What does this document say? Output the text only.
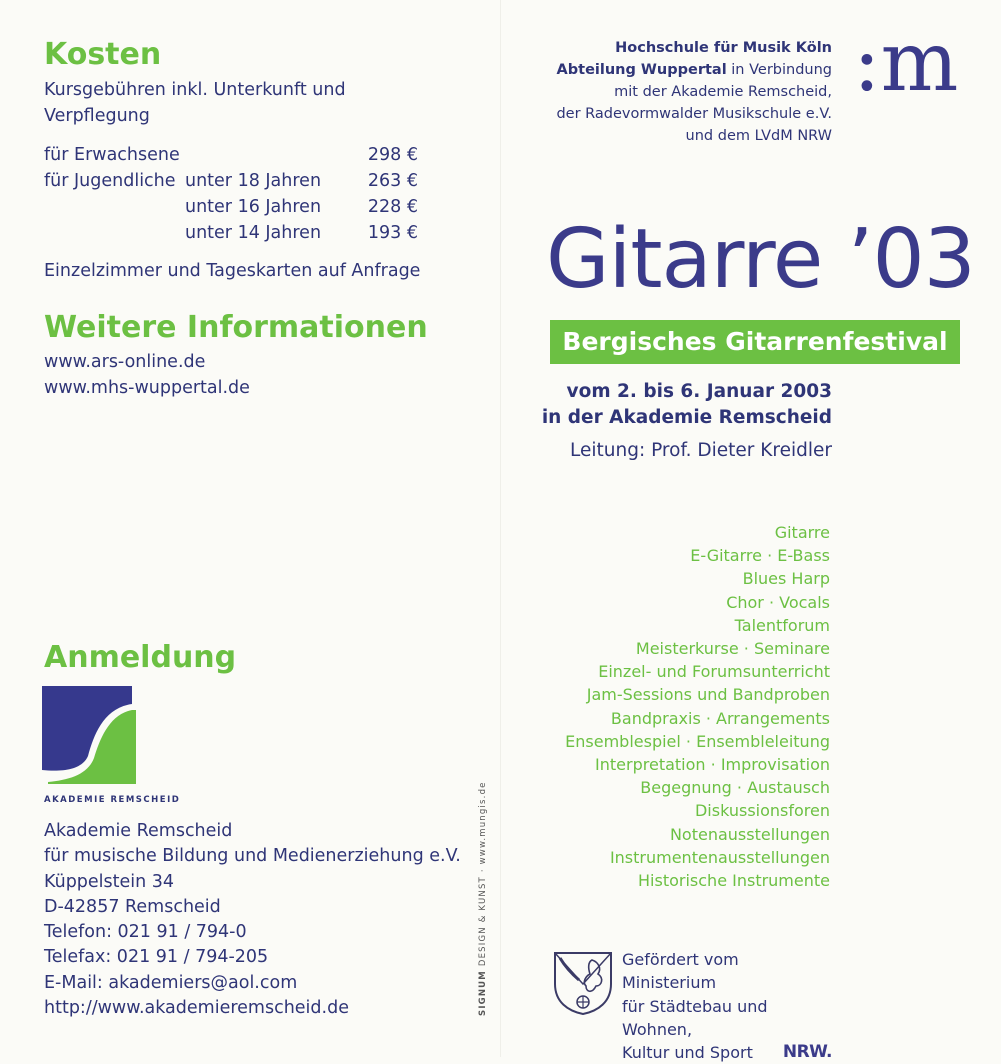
Kosten
Kursgebühren inkl. Unterkunft und
Verpflegung
für Erwachsene	298 €
für Jugendliche unter 18 Jahren	263 €
unter 16 Jahren	228 €
unter 14 Jahren	193 €
Einzelzimmer und Tageskarten auf Anfrage
Weitere Informationen
www.ars-online.de
www.mhs-wuppertal.de
Anmeldung
AKADEMIE REMSCHEID
Akademie Remscheid
für musische Bildung und Medienerziehung e.V.
Küppelstein 34
D-42857 Remscheid
Telefon: 021 91 / 794-0
Telefax: 021 91 / 794-205
E-Mail: akademiers@aol.com
http://www.akademieremscheid.de	SIGNUM DESIGN & KUNST · www.mungis.de
Hochschule für Musik Köln
Abteilung Wuppertal in Verbindung
mit der Akademie Remscheid,
der Radevormwalder Musikschule e.V.
und dem LVdM NRW
:m
Gitarre ’03
Bergisches Gitarrenfestival
vom 2. bis 6. Januar 2003
in der Akademie Remscheid
Leitung: Prof. Dieter Kreidler
Gitarre
E-Gitarre · E-Bass
Blues Harp
Chor · Vocals
Talentforum
Meisterkurse · Seminare
Einzel- und Forumsunterricht
Jam-Sessions und Bandproben
Bandpraxis · Arrangements
Ensemblespiel · Ensembleleitung
Interpretation · Improvisation
Begegnung · Austausch
Diskussionsforen
Notenausstellungen
Instrumentenausstellungen
Historische Instrumente
Gefördert vom Ministerium
für Städtebau und Wohnen,
Kultur und Sport NRW.
